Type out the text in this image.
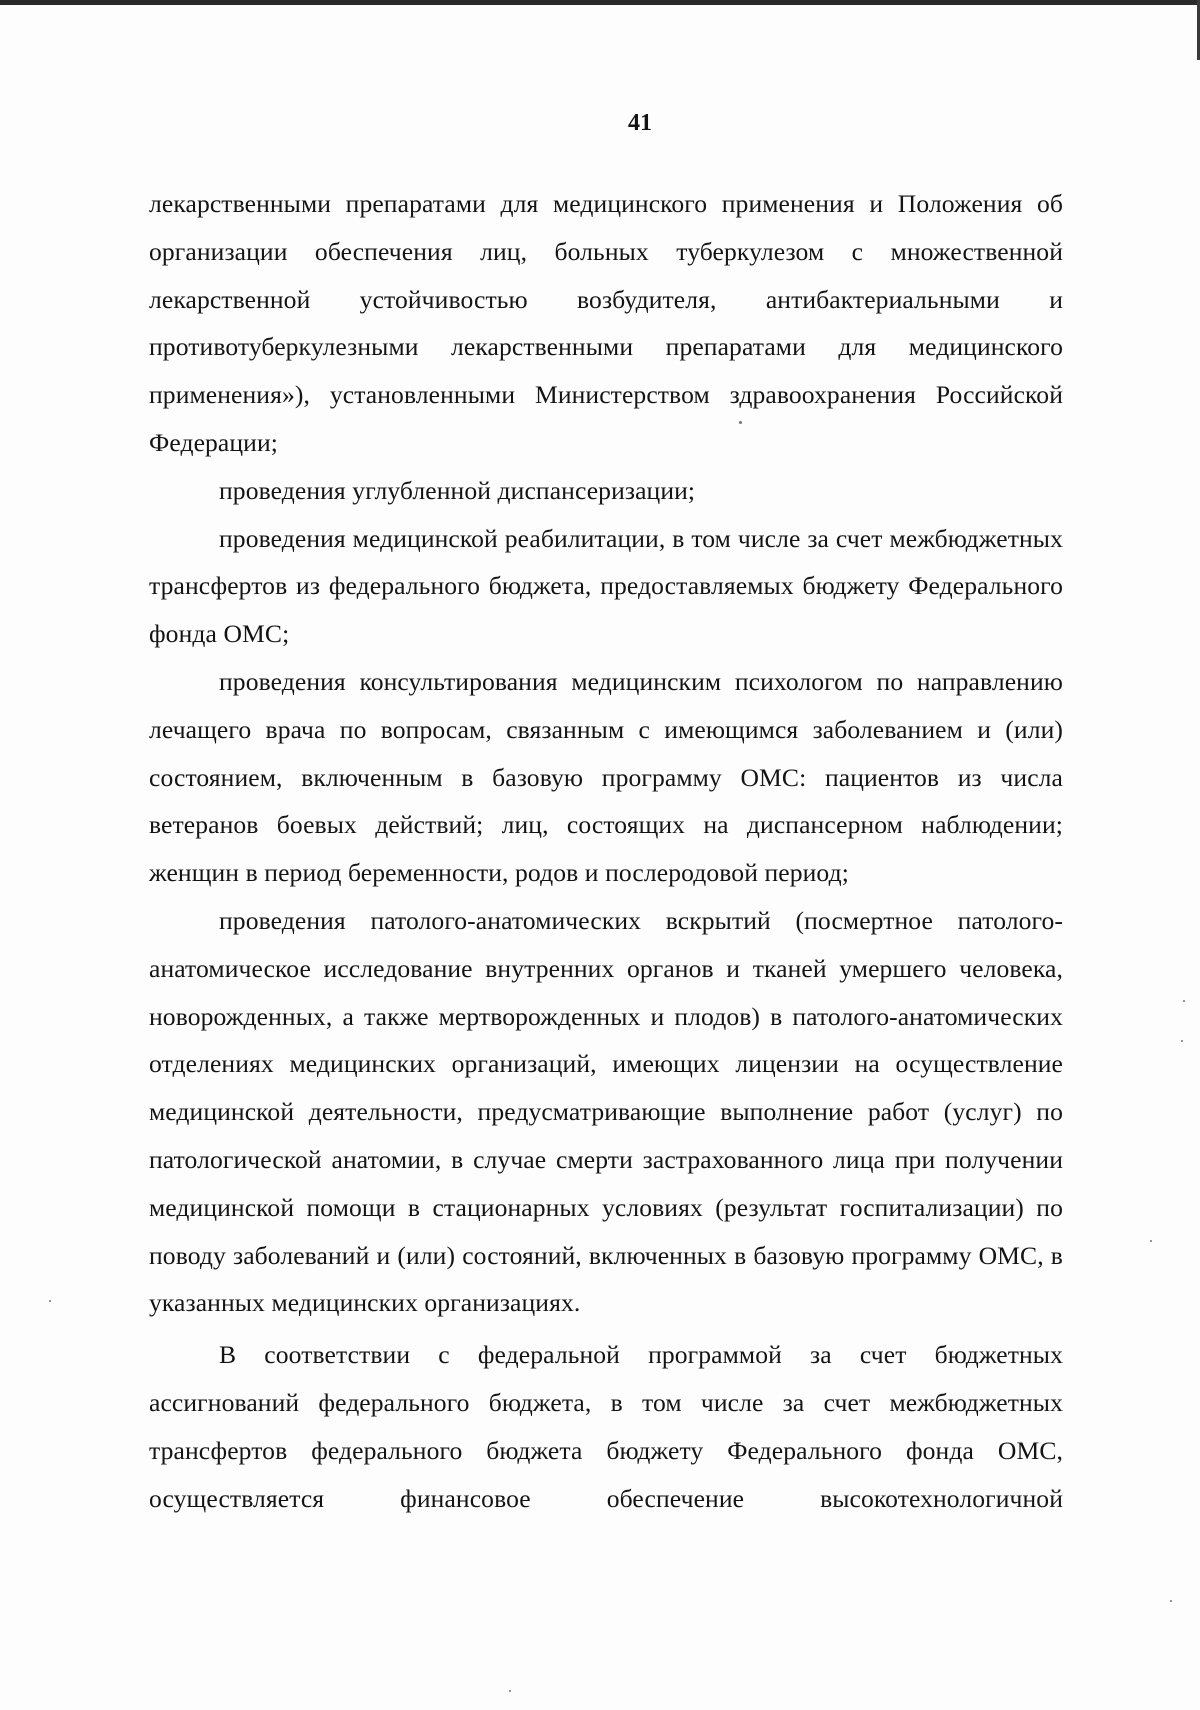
41

лекарственными препаратами для медицинского применения и Положения об организации обеспечения лиц, больных туберкулезом с множественной лекарственной устойчивостью возбудителя, антибактериальными и противотуберкулезными лекарственными препаратами для медицинского применения»), установленными Министерством здравоохранения Российской Федерации;

проведения углубленной диспансеризации;

проведения медицинской реабилитации, в том числе за счет межбюджетных трансфертов из федерального бюджета, предоставляемых бюджету Федерального фонда ОМС;

проведения консультирования медицинским психологом по направлению лечащего врача по вопросам, связанным с имеющимся заболеванием и (или) состоянием, включенным в базовую программу ОМС: пациентов из числа ветеранов боевых действий; лиц, состоящих на диспансерном наблюдении; женщин в период беременности, родов и послеродовой период;

проведения патолого-анатомических вскрытий (посмертное патолого-анатомическое исследование внутренних органов и тканей умершего человека, новорожденных, а также мертворожденных и плодов) в патолого-анатомических отделениях медицинских организаций, имеющих лицензии на осуществление медицинской деятельности, предусматривающие выполнение работ (услуг) по патологической анатомии, в случае смерти застрахованного лица при получении медицинской помощи в стационарных условиях (результат госпитализации) по поводу заболеваний и (или) состояний, включенных в базовую программу ОМС, в указанных медицинских организациях.

В соответствии с федеральной программой за счет бюджетных ассигнований федерального бюджета, в том числе за счет межбюджетных трансфертов федерального бюджета бюджету Федерального фонда ОМС, осуществляется финансовое обеспечение высокотехнологичной
